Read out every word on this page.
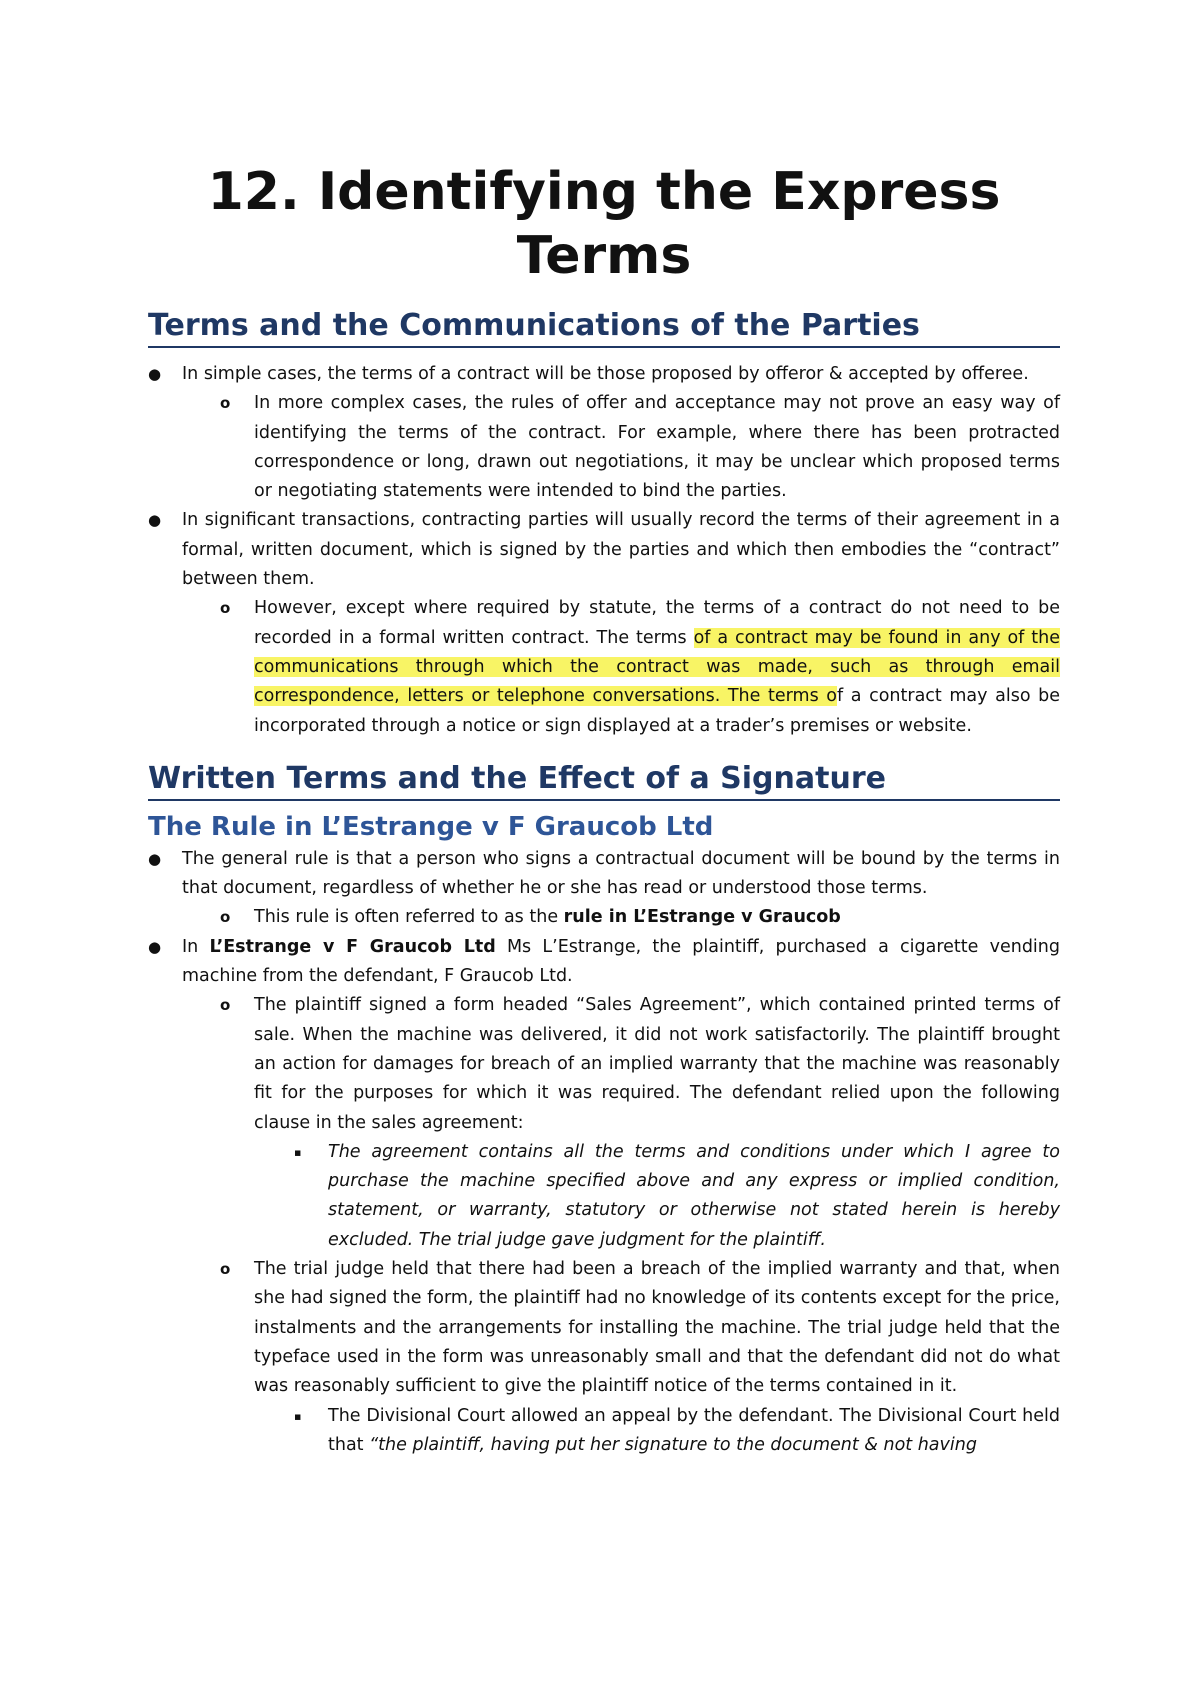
12. Identifying the Express Terms
Terms and the Communications of the Parties
● In simple cases, the terms of a contract will be those proposed by offeror & accepted by offeree.
o In more complex cases, the rules of offer and acceptance may not prove an easy way of identifying the terms of the contract. For example, where there has been protracted correspondence or long, drawn out negotiations, it may be unclear which proposed terms or negotiating statements were intended to bind the parties.
● In significant transactions, contracting parties will usually record the terms of their agreement in a formal, written document, which is signed by the parties and which then embodies the “contract” between them.
o However, except where required by statute, the terms of a contract do not need to be recorded in a formal written contract. The terms of a contract may be found in any of the communications through which the contract was made, such as through email correspondence, letters or telephone conversations. The terms of a contract may also be incorporated through a notice or sign displayed at a trader’s premises or website.
Written Terms and the Effect of a Signature
The Rule in L’Estrange v F Graucob Ltd
● The general rule is that a person who signs a contractual document will be bound by the terms in that document, regardless of whether he or she has read or understood those terms.
o This rule is often referred to as the rule in L’Estrange v Graucob
● In L’Estrange v F Graucob Ltd Ms L’Estrange, the plaintiff, purchased a cigarette vending machine from the defendant, F Graucob Ltd.
o The plaintiff signed a form headed “Sales Agreement”, which contained printed terms of sale. When the machine was delivered, it did not work satisfactorily. The plaintiff brought an action for damages for breach of an implied warranty that the machine was reasonably fit for the purposes for which it was required. The defendant relied upon the following clause in the sales agreement:
▪ The agreement contains all the terms and conditions under which I agree to purchase the machine specified above and any express or implied condition, statement, or warranty, statutory or otherwise not stated herein is hereby excluded. The trial judge gave judgment for the plaintiff.
o The trial judge held that there had been a breach of the implied warranty and that, when she had signed the form, the plaintiff had no knowledge of its contents except for the price, instalments and the arrangements for installing the machine. The trial judge held that the typeface used in the form was unreasonably small and that the defendant did not do what was reasonably sufficient to give the plaintiff notice of the terms contained in it.
▪ The Divisional Court allowed an appeal by the defendant. The Divisional Court held that “the plaintiff, having put her signature to the document & not having
